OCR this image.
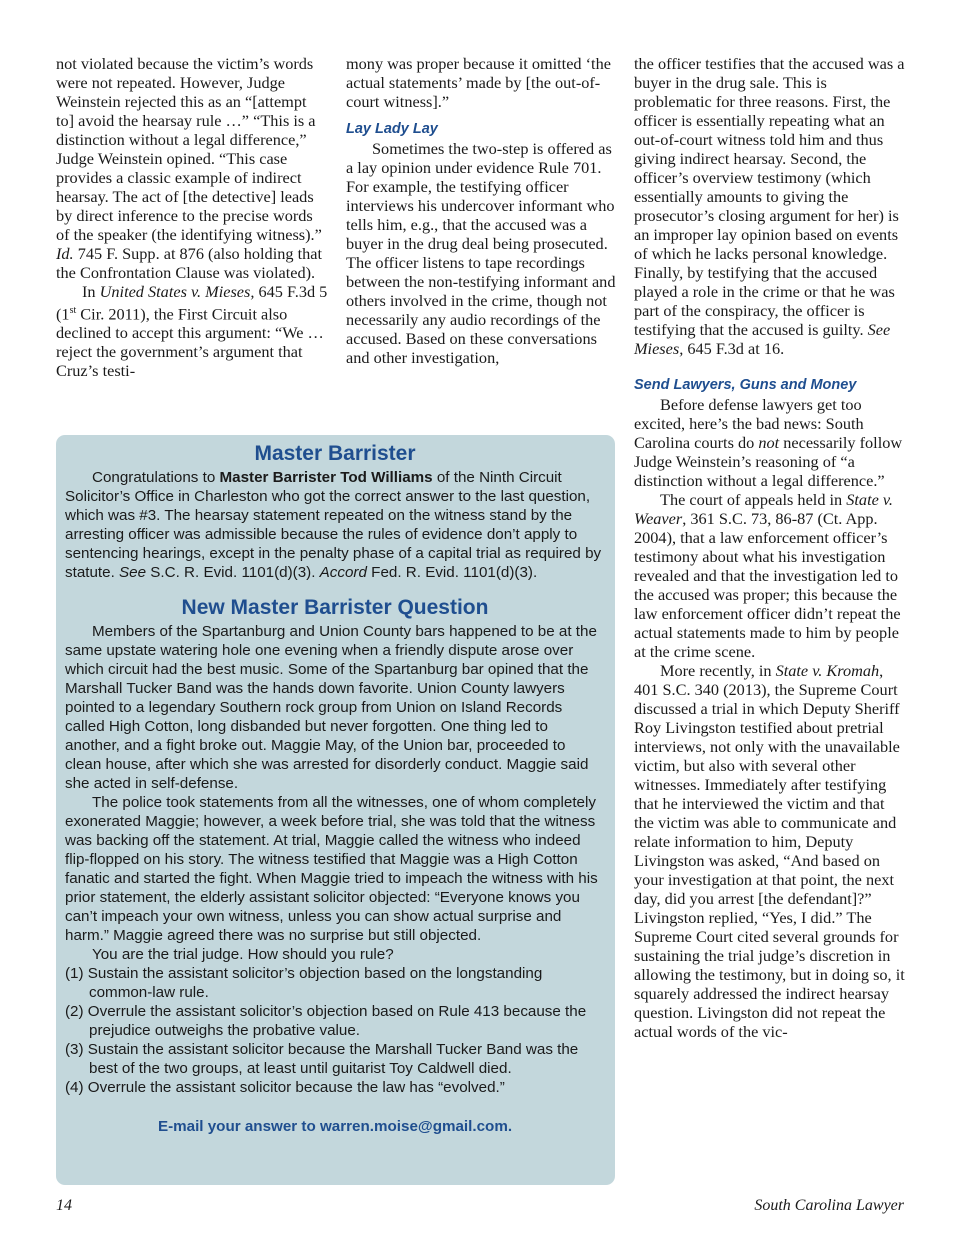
not violated because the victim’s words were not repeated. However, Judge Weinstein rejected this as an “[attempt to] avoid the hearsay rule …” “This is a distinction without a legal difference,” Judge Weinstein opined. “This case provides a classic example of indirect hearsay. The act of [the detective] leads by direct inference to the precise words of the speaker (the identifying witness).” Id. 745 F. Supp. at 876 (also holding that the Confrontation Clause was violated).

In United States v. Mieses, 645 F.3d 5 (1st Cir. 2011), the First Circuit also declined to accept this argument: “We … reject the government’s argument that Cruz’s testi-

mony was proper because it omitted ‘the actual statements’ made by [the out-of-court witness].”

Lay Lady Lay

Sometimes the two-step is offered as a lay opinion under evidence Rule 701. For example, the testifying officer interviews his undercover informant who tells him, e.g., that the accused was a buyer in the drug deal being prosecuted. The officer listens to tape recordings between the non-testifying informant and others involved in the crime, though not necessarily any audio recordings of the accused. Based on these conversations and other investigation,

the officer testifies that the accused was a buyer in the drug sale. This is problematic for three reasons. First, the officer is essentially repeating what an out-of-court witness told him and thus giving indirect hearsay. Second, the officer’s overview testimony (which essentially amounts to giving the prosecutor’s closing argument for her) is an improper lay opinion based on events of which he lacks personal knowledge. Finally, by testifying that the accused played a role in the crime or that he was part of the conspiracy, the officer is testifying that the accused is guilty. See Mieses, 645 F.3d at 16.

Send Lawyers, Guns and Money

Before defense lawyers get too excited, here’s the bad news: South Carolina courts do not necessarily follow Judge Weinstein’s reasoning of “a distinction without a legal difference.”

The court of appeals held in State v. Weaver, 361 S.C. 73, 86-87 (Ct. App. 2004), that a law enforcement officer’s testimony about what his investigation revealed and that the investigation led to the accused was proper; this because the law enforcement officer didn’t repeat the actual statements made to him by people at the crime scene.

More recently, in State v. Kromah, 401 S.C. 340 (2013), the Supreme Court discussed a trial in which Deputy Sheriff Roy Livingston testified about pretrial interviews, not only with the unavailable victim, but also with several other witnesses. Immediately after testifying that he interviewed the victim and that the victim was able to communicate and relate information to him, Deputy Livingston was asked, “And based on your investigation at that point, the next day, did you arrest [the defendant]?” Livingston replied, “Yes, I did.” The Supreme Court cited several grounds for sustaining the trial judge’s discretion in allowing the testimony, but in doing so, it squarely addressed the indirect hearsay question. Livingston did not repeat the actual words of the vic-

Master Barrister

Congratulations to Master Barrister Tod Williams of the Ninth Circuit Solicitor’s Office in Charleston who got the correct answer to the last question, which was #3. The hearsay statement repeated on the witness stand by the arresting officer was admissible because the rules of evidence don’t apply to sentencing hearings, except in the penalty phase of a capital trial as required by statute. See S.C. R. Evid. 1101(d)(3). Accord Fed. R. Evid. 1101(d)(3).

New Master Barrister Question

Members of the Spartanburg and Union County bars happened to be at the same upstate watering hole one evening when a friendly dispute arose over which circuit had the best music. Some of the Spartanburg bar opined that the Marshall Tucker Band was the hands down favorite. Union County lawyers pointed to a legendary Southern rock group from Union on Island Records called High Cotton, long disbanded but never forgotten. One thing led to another, and a fight broke out. Maggie May, of the Union bar, proceeded to clean house, after which she was arrested for disorderly conduct. Maggie said she acted in self-defense.

The police took statements from all the witnesses, one of whom completely exonerated Maggie; however, a week before trial, she was told that the witness was backing off the statement. At trial, Maggie called the witness who indeed flip-flopped on his story. The witness testified that Maggie was a High Cotton fanatic and started the fight. When Maggie tried to impeach the witness with his prior statement, the elderly assistant solicitor objected: “Everyone knows you can’t impeach your own witness, unless you can show actual surprise and harm.” Maggie agreed there was no surprise but still objected.

You are the trial judge. How should you rule?

(1) Sustain the assistant solicitor’s objection based on the longstanding common-law rule.
(2) Overrule the assistant solicitor’s objection based on Rule 413 because the prejudice outweighs the probative value.
(3) Sustain the assistant solicitor because the Marshall Tucker Band was the best of the two groups, at least until guitarist Toy Caldwell died.
(4) Overrule the assistant solicitor because the law has “evolved.”

E-mail your answer to warren.moise@gmail.com.

14	South Carolina Lawyer
